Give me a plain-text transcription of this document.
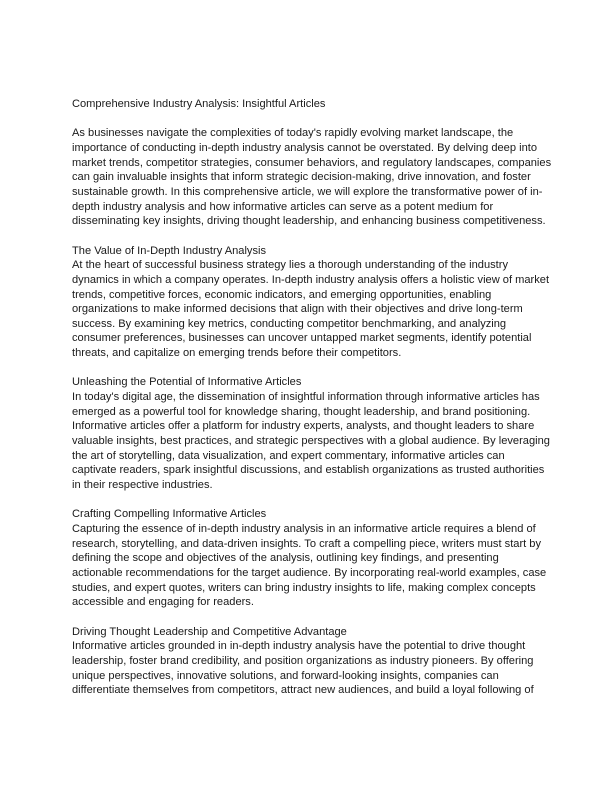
Comprehensive Industry Analysis: Insightful Articles

As businesses navigate the complexities of today's rapidly evolving market landscape, the importance of conducting in-depth industry analysis cannot be overstated. By delving deep into market trends, competitor strategies, consumer behaviors, and regulatory landscapes, companies can gain invaluable insights that inform strategic decision-making, drive innovation, and foster sustainable growth. In this comprehensive article, we will explore the transformative power of in-depth industry analysis and how informative articles can serve as a potent medium for disseminating key insights, driving thought leadership, and enhancing business competitiveness.

The Value of In-Depth Industry Analysis

At the heart of successful business strategy lies a thorough understanding of the industry dynamics in which a company operates. In-depth industry analysis offers a holistic view of market trends, competitive forces, economic indicators, and emerging opportunities, enabling organizations to make informed decisions that align with their objectives and drive long-term success. By examining key metrics, conducting competitor benchmarking, and analyzing consumer preferences, businesses can uncover untapped market segments, identify potential threats, and capitalize on emerging trends before their competitors.

Unleashing the Potential of Informative Articles

In today's digital age, the dissemination of insightful information through informative articles has emerged as a powerful tool for knowledge sharing, thought leadership, and brand positioning. Informative articles offer a platform for industry experts, analysts, and thought leaders to share valuable insights, best practices, and strategic perspectives with a global audience. By leveraging the art of storytelling, data visualization, and expert commentary, informative articles can captivate readers, spark insightful discussions, and establish organizations as trusted authorities in their respective industries.

Crafting Compelling Informative Articles

Capturing the essence of in-depth industry analysis in an informative article requires a blend of research, storytelling, and data-driven insights. To craft a compelling piece, writers must start by defining the scope and objectives of the analysis, outlining key findings, and presenting actionable recommendations for the target audience. By incorporating real-world examples, case studies, and expert quotes, writers can bring industry insights to life, making complex concepts accessible and engaging for readers.

Driving Thought Leadership and Competitive Advantage

Informative articles grounded in in-depth industry analysis have the potential to drive thought leadership, foster brand credibility, and position organizations as industry pioneers. By offering unique perspectives, innovative solutions, and forward-looking insights, companies can differentiate themselves from competitors, attract new audiences, and build a loyal following of
